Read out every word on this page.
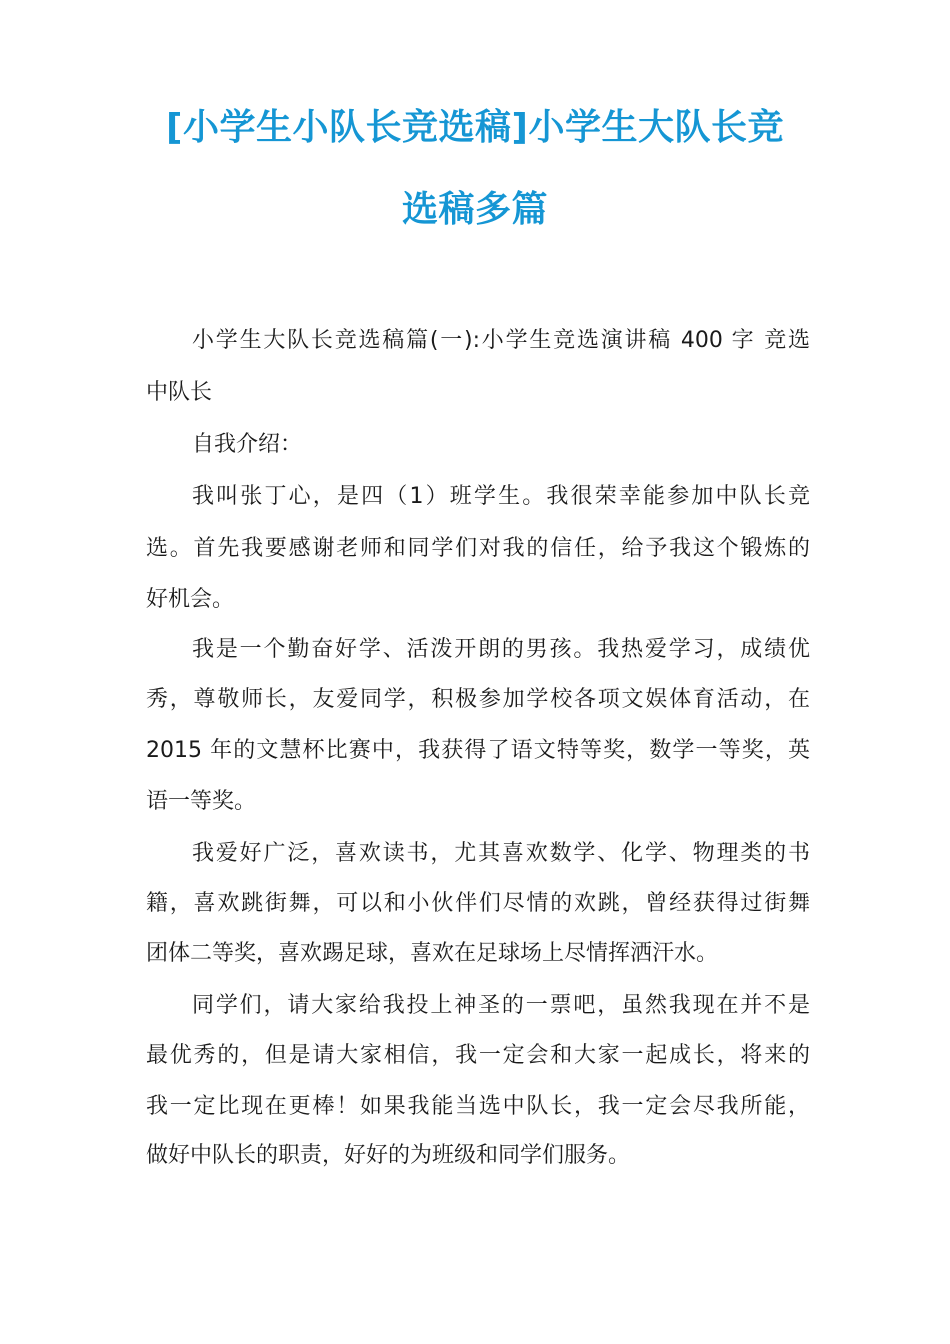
[小学生小队长竞选稿]小学生大队长竞
选稿多篇
小学生大队长竞选稿篇(一):小学生竞选演讲稿 400 字 竞选
中队长
自我介绍：
我叫张丁心，是四（1）班学生。我很荣幸能参加中队长竞
选。首先我要感谢老师和同学们对我的信任，给予我这个锻炼的
好机会。
我是一个勤奋好学、活泼开朗的男孩。我热爱学习，成绩优
秀，尊敬师长，友爱同学，积极参加学校各项文娱体育活动，在
2015 年的文慧杯比赛中，我获得了语文特等奖，数学一等奖，英
语一等奖。
我爱好广泛，喜欢读书，尤其喜欢数学、化学、物理类的书
籍，喜欢跳街舞，可以和小伙伴们尽情的欢跳，曾经获得过街舞
团体二等奖，喜欢踢足球，喜欢在足球场上尽情挥洒汗水。
同学们，请大家给我投上神圣的一票吧，虽然我现在并不是
最优秀的，但是请大家相信，我一定会和大家一起成长，将来的
我一定比现在更棒！如果我能当选中队长，我一定会尽我所能，
做好中队长的职责，好好的为班级和同学们服务。
